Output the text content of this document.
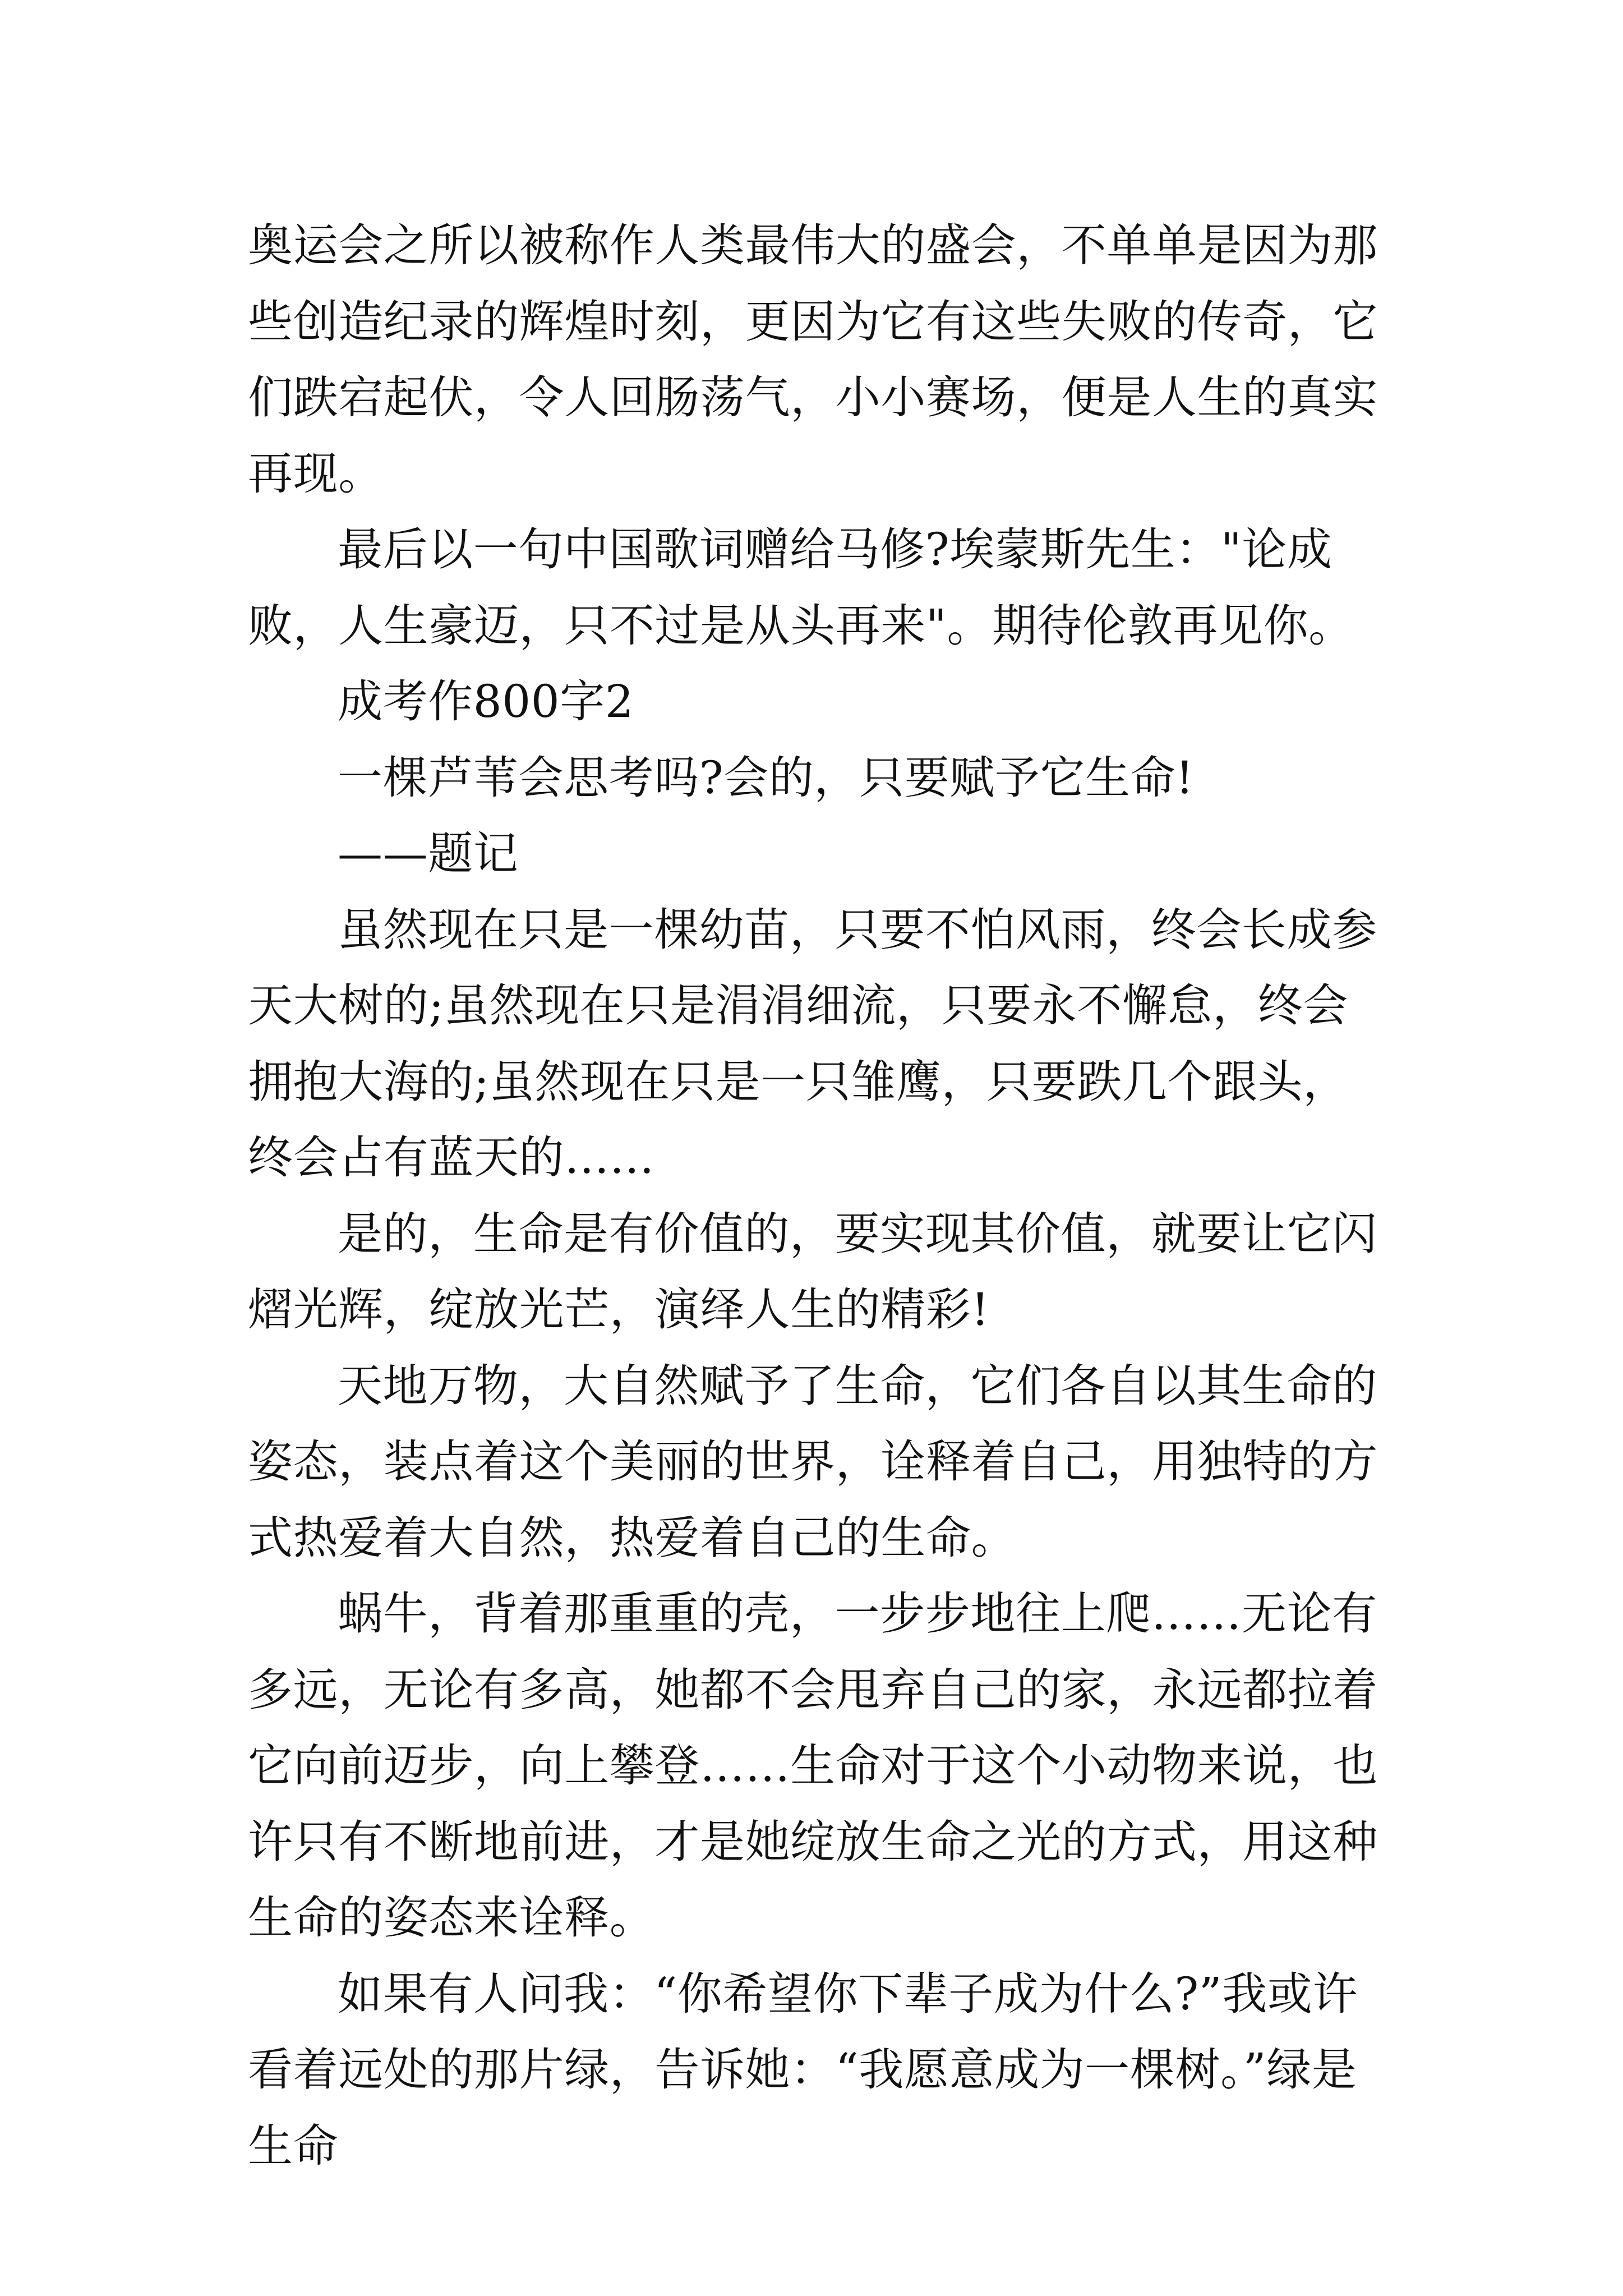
奥运会之所以被称作人类最伟大的盛会，不单单是因为那些创造纪录的辉煌时刻，更因为它有这些失败的传奇，它们跌宕起伏，令人回肠荡气，小小赛场，便是人生的真实再现。

最后以一句中国歌词赠给马修?埃蒙斯先生："论成败，人生豪迈，只不过是从头再来"。期待伦敦再见你。

成考作800字2

一棵芦苇会思考吗?会的，只要赋予它生命!

——题记

虽然现在只是一棵幼苗，只要不怕风雨，终会长成参天大树的;虽然现在只是涓涓细流，只要永不懈怠，终会拥抱大海的;虽然现在只是一只雏鹰，只要跌几个跟头，终会占有蓝天的……

是的，生命是有价值的，要实现其价值，就要让它闪熠光辉，绽放光芒，演绎人生的精彩!

天地万物，大自然赋予了生命，它们各自以其生命的姿态，装点着这个美丽的世界，诠释着自己，用独特的方式热爱着大自然，热爱着自己的生命。

蜗牛，背着那重重的壳，一步步地往上爬……无论有多远，无论有多高，她都不会甩弃自己的家，永远都拉着它向前迈步，向上攀登……生命对于这个小动物来说，也许只有不断地前进，才是她绽放生命之光的方式，用这种生命的姿态来诠释。

如果有人问我：“你希望你下辈子成为什么?”我或许看着远处的那片绿，告诉她：“我愿意成为一棵树。”绿是生命
